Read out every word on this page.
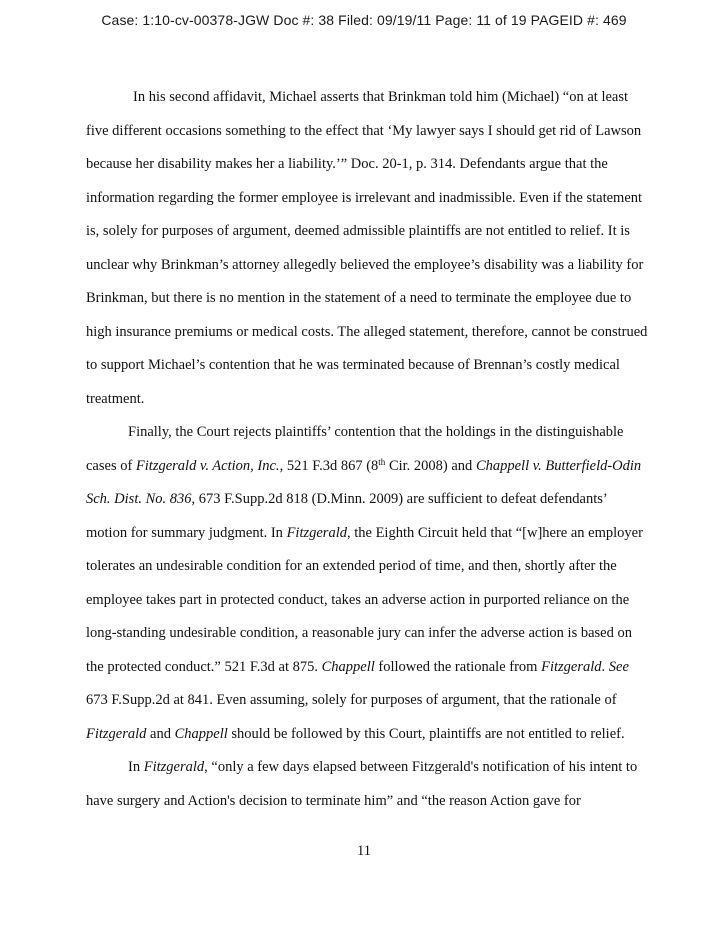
Case: 1:10-cv-00378-JGW Doc #: 38 Filed: 09/19/11 Page: 11 of 19 PAGEID #: 469
In his second affidavit, Michael asserts that Brinkman told him (Michael) “on at least
five different occasions something to the effect that ‘My lawyer says I should get rid of Lawson
because her disability makes her a liability.’” Doc. 20-1, p. 314. Defendants argue that the
information regarding the former employee is irrelevant and inadmissible. Even if the statement
is, solely for purposes of argument, deemed admissible plaintiffs are not entitled to relief. It is
unclear why Brinkman’s attorney allegedly believed the employee’s disability was a liability for
Brinkman, but there is no mention in the statement of a need to terminate the employee due to
high insurance premiums or medical costs. The alleged statement, therefore, cannot be construed
to support Michael’s contention that he was terminated because of Brennan’s costly medical
treatment.
Finally, the Court rejects plaintiffs’ contention that the holdings in the distinguishable
cases of Fitzgerald v. Action, Inc., 521 F.3d 867 (8th Cir. 2008) and Chappell v. Butterfield-Odin
Sch. Dist. No. 836, 673 F.Supp.2d 818 (D.Minn. 2009) are sufficient to defeat defendants’
motion for summary judgment. In Fitzgerald, the Eighth Circuit held that “[w]here an employer
tolerates an undesirable condition for an extended period of time, and then, shortly after the
employee takes part in protected conduct, takes an adverse action in purported reliance on the
long-standing undesirable condition, a reasonable jury can infer the adverse action is based on
the protected conduct.” 521 F.3d at 875. Chappell followed the rationale from Fitzgerald. See
673 F.Supp.2d at 841. Even assuming, solely for purposes of argument, that the rationale of
Fitzgerald and Chappell should be followed by this Court, plaintiffs are not entitled to relief.
In Fitzgerald, “only a few days elapsed between Fitzgerald's notification of his intent to
have surgery and Action's decision to terminate him” and “the reason Action gave for
11
